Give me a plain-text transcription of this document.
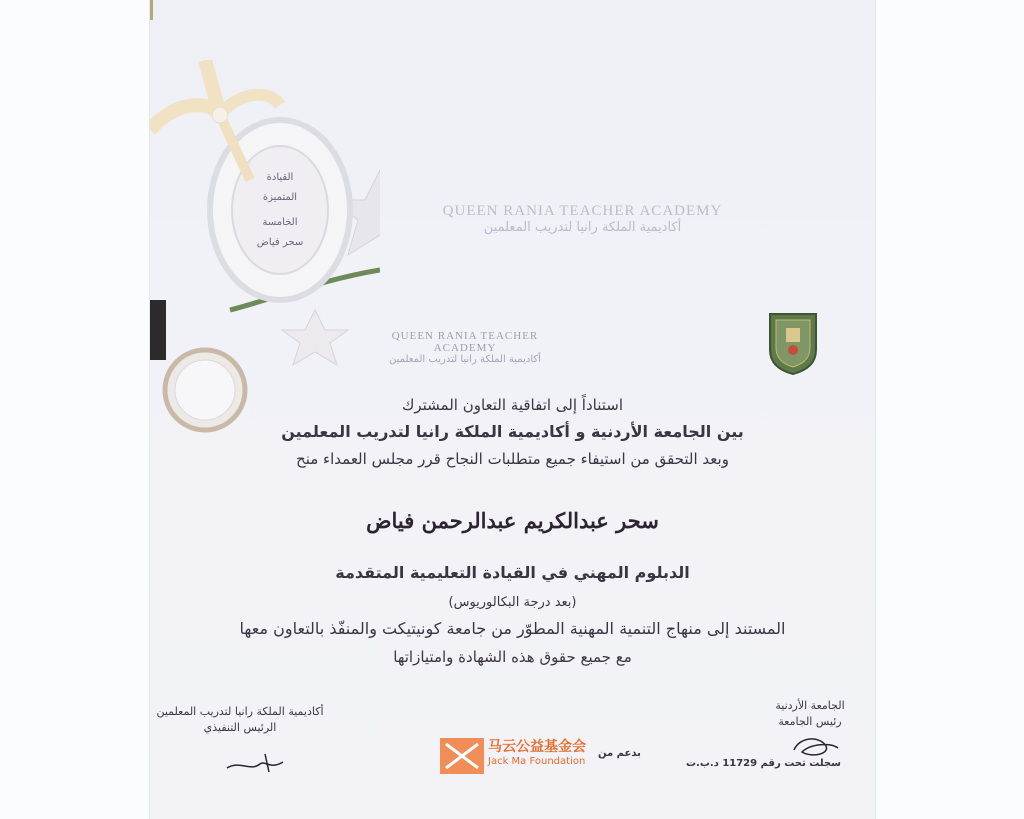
القيادة
المتميزة
الخامسة
سحر فياض
QUEEN RANIA TEACHER ACADEMY
أكاديمية الملكة رانيا لتدريب المعلمين
QUEEN RANIA TEACHER ACADEMY
أكاديمية الملكة رانيا لتدريب المعلمين
استناداً إلى اتفاقية التعاون المشترك
بين الجامعة الأردنية و أكاديمية الملكة رانيا لتدريب المعلمين
وبعد التحقق من استيفاء جميع متطلبات النجاح قرر مجلس العمداء منح
سحر عبدالكريم عبدالرحمن فياض
الدبلوم المهني في القيادة التعليمية المتقدمة
(بعد درجة البكالوريوس)
المستند إلى منهاج التنمية المهنية المطوّر من جامعة كونيتيكت والمنفّذ بالتعاون معها
مع جميع حقوق هذه الشهادة وامتيازاتها
أكاديمية الملكة رانيا لتدريب المعلمين
الرئيس التنفيذي
الجامعة الأردنية
رئيس الجامعة
马云公益基金会
Jack Ma Foundation
بدعم من
سجلت تحت رقم 11729 د.ب.ت
